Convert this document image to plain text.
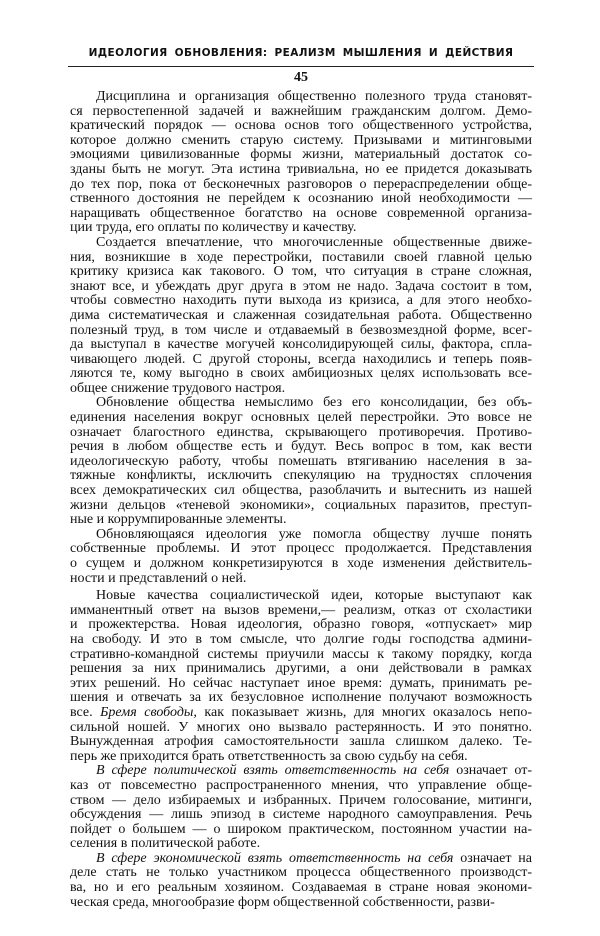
ИДЕОЛОГИЯ ОБНОВЛЕНИЯ: РЕАЛИЗМ МЫШЛЕНИЯ И ДЕЙСТВИЯ
45
Дисциплина и организация общественно полезного труда становят-
ся первостепенной задачей и важнейшим гражданским долгом. Демо-
кратический порядок — основа основ того общественного устройства,
которое должно сменить старую систему. Призывами и митинговыми
эмоциями цивилизованные формы жизни, материальный достаток со-
зданы быть не могут. Эта истина тривиальна, но ее придется доказывать
до тех пор, пока от бесконечных разговоров о перераспределении обще-
ственного достояния не перейдем к осознанию иной необходимости —
наращивать общественное богатство на основе современной организа-
ции труда, его оплаты по количеству и качеству.
Создается впечатление, что многочисленные общественные движе-
ния, возникшие в ходе перестройки, поставили своей главной целью
критику кризиса как такового. О том, что ситуация в стране сложная,
знают все, и убеждать друг друга в этом не надо. Задача состоит в том,
чтобы совместно находить пути выхода из кризиса, а для этого необхо-
дима систематическая и слаженная созидательная работа. Общественно
полезный труд, в том числе и отдаваемый в безвозмездной форме, всег-
да выступал в качестве могучей консолидирующей силы, фактора, спла-
чивающего людей. С другой стороны, всегда находились и теперь появ-
ляются те, кому выгодно в своих амбициозных целях использовать все-
общее снижение трудового настроя.
Обновление общества немыслимо без его консолидации, без объ-
единения населения вокруг основных целей перестройки. Это вовсе не
означает благостного единства, скрывающего противоречия. Противо-
речия в любом обществе есть и будут. Весь вопрос в том, как вести
идеологическую работу, чтобы помешать втягиванию населения в за-
тяжные конфликты, исключить спекуляцию на трудностях сплочения
всех демократических сил общества, разоблачить и вытеснить из нашей
жизни дельцов «теневой экономики», социальных паразитов, преступ-
ные и коррумпированные элементы.
Обновляющаяся идеология уже помогла обществу лучше понять
собственные проблемы. И этот процесс продолжается. Представления
о сущем и должном конкретизируются в ходе изменения действитель-
ности и представлений о ней.
Новые качества социалистической идеи, которые выступают как
имманентный ответ на вызов времени,— реализм, отказ от схоластики
и прожектерства. Новая идеология, образно говоря, «отпускает» мир
на свободу. И это в том смысле, что долгие годы господства админи-
стративно-командной системы приучили массы к такому порядку, когда
решения за них принимались другими, а они действовали в рамках
этих решений. Но сейчас наступает иное время: думать, принимать ре-
шения и отвечать за их безусловное исполнение получают возможность
все. Бремя свободы, как показывает жизнь, для многих оказалось непо-
сильной ношей. У многих оно вызвало растерянность. И это понятно.
Вынужденная атрофия самостоятельности зашла слишком далеко. Те-
перь же приходится брать ответственность за свою судьбу на себя.
В сфере политической взять ответственность на себя означает от-
каз от повсеместно распространенного мнения, что управление обще-
ством — дело избираемых и избранных. Причем голосование, митинги,
обсуждения — лишь эпизод в системе народного самоуправления. Речь
пойдет о большем — о широком практическом, постоянном участии на-
селения в политической работе.
В сфере экономической взять ответственность на себя означает на
деле стать не только участником процесса общественного производст-
ва, но и его реальным хозяином. Создаваемая в стране новая экономи-
ческая среда, многообразие форм общественной собственности, разви-
